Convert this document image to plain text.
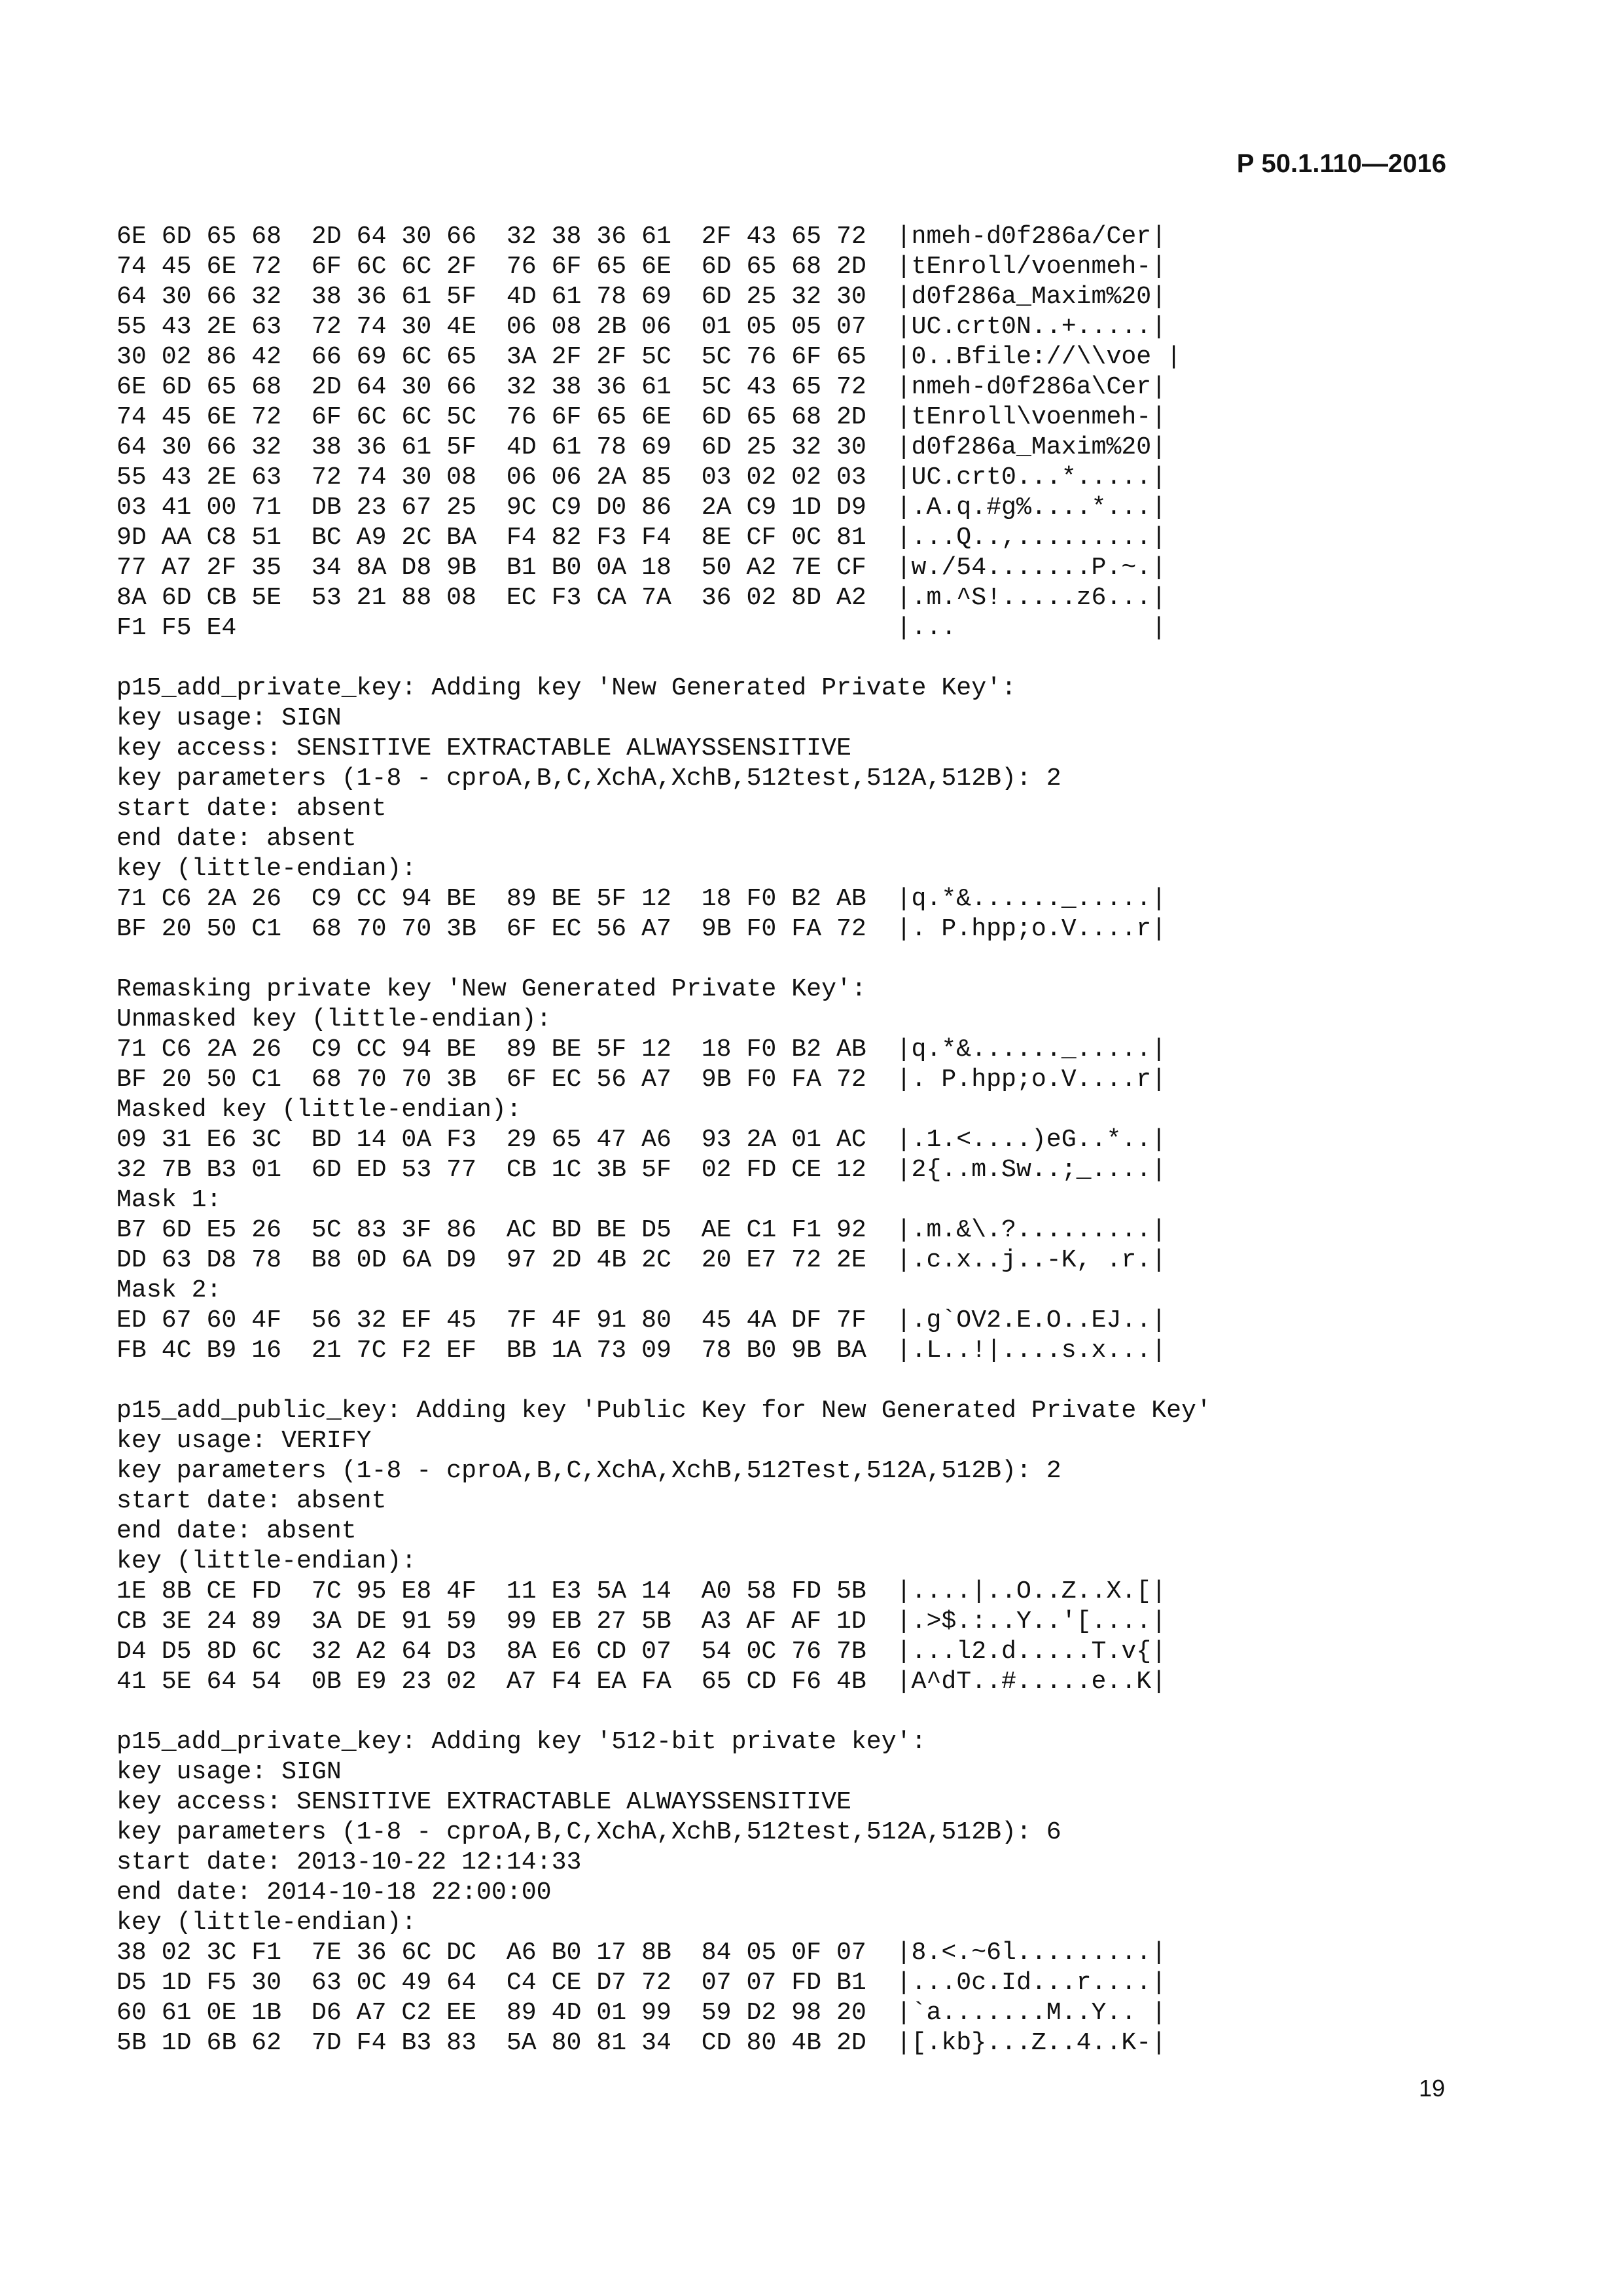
Р 50.1.110—2016
6E 6D 65 68  2D 64 30 66  32 38 36 61  2F 43 65 72  |nmeh-d0f286a/Cer|
74 45 6E 72  6F 6C 6C 2F  76 6F 65 6E  6D 65 68 2D  |tEnroll/voenmeh-|
64 30 66 32  38 36 61 5F  4D 61 78 69  6D 25 32 30  |d0f286a_Maxim%20|
55 43 2E 63  72 74 30 4E  06 08 2B 06  01 05 05 07  |UC.crt0N..+.....|
30 02 86 42  66 69 6C 65  3A 2F 2F 5C  5C 76 6F 65  |0..Bfile://\\voe |
6E 6D 65 68  2D 64 30 66  32 38 36 61  5C 43 65 72  |nmeh-d0f286a\Cer|
74 45 6E 72  6F 6C 6C 5C  76 6F 65 6E  6D 65 68 2D  |tEnroll\voenmeh-|
64 30 66 32  38 36 61 5F  4D 61 78 69  6D 25 32 30  |d0f286a_Maxim%20|
55 43 2E 63  72 74 30 08  06 06 2A 85  03 02 02 03  |UC.crt0...*.....|
03 41 00 71  DB 23 67 25  9C C9 D0 86  2A C9 1D D9  |.A.q.#g%....*...|
9D AA C8 51  BC A9 2C BA  F4 82 F3 F4  8E CF 0C 81  |...Q..,.........|
77 A7 2F 35  34 8A D8 9B  B1 B0 0A 18  50 A2 7E CF  |w./54.......P.~.|
8A 6D CB 5E  53 21 88 08  EC F3 CA 7A  36 02 8D A2  |.m.^S!.....z6...|
F1 F5 E4                                            |...             |
p15_add_private_key: Adding key 'New Generated Private Key':
key usage: SIGN
key access: SENSITIVE EXTRACTABLE ALWAYSSENSITIVE
key parameters (1-8 - cproA,B,C,XchA,XchB,512test,512A,512B): 2
start date: absent
end date: absent
key (little-endian):
71 C6 2A 26  C9 CC 94 BE  89 BE 5F 12  18 F0 B2 AB  |q.*&......_.....|
BF 20 50 C1  68 70 70 3B  6F EC 56 A7  9B F0 FA 72  |. P.hpp;o.V....r|
Remasking private key 'New Generated Private Key':
Unmasked key (little-endian):
71 C6 2A 26  C9 CC 94 BE  89 BE 5F 12  18 F0 B2 AB  |q.*&......_.....|
BF 20 50 C1  68 70 70 3B  6F EC 56 A7  9B F0 FA 72  |. P.hpp;o.V....r|
Masked key (little-endian):
09 31 E6 3C  BD 14 0A F3  29 65 47 A6  93 2A 01 AC  |.1.<....)eG..*..|
32 7B B3 01  6D ED 53 77  CB 1C 3B 5F  02 FD CE 12  |2{..m.Sw..;_....|
Mask 1:
B7 6D E5 26  5C 83 3F 86  AC BD BE D5  AE C1 F1 92  |.m.&\.?.........|
DD 63 D8 78  B8 0D 6A D9  97 2D 4B 2C  20 E7 72 2E  |.c.x..j..-K, .r.|
Mask 2:
ED 67 60 4F  56 32 EF 45  7F 4F 91 80  45 4A DF 7F  |.g`OV2.E.O..EJ..|
FB 4C B9 16  21 7C F2 EF  BB 1A 73 09  78 B0 9B BA  |.L..!|....s.x...|
p15_add_public_key: Adding key 'Public Key for New Generated Private Key'
key usage: VERIFY
key parameters (1-8 - cproA,B,C,XchA,XchB,512Test,512A,512B): 2
start date: absent
end date: absent
key (little-endian):
1E 8B CE FD  7C 95 E8 4F  11 E3 5A 14  A0 58 FD 5B  |....|..O..Z..X.[|
CB 3E 24 89  3A DE 91 59  99 EB 27 5B  A3 AF AF 1D  |.>$.:..Y..'[....|
D4 D5 8D 6C  32 A2 64 D3  8A E6 CD 07  54 0C 76 7B  |...l2.d.....T.v{|
41 5E 64 54  0B E9 23 02  A7 F4 EA FA  65 CD F6 4B  |A^dT..#.....e..K|
p15_add_private_key: Adding key '512-bit private key':
key usage: SIGN
key access: SENSITIVE EXTRACTABLE ALWAYSSENSITIVE
key parameters (1-8 - cproA,B,C,XchA,XchB,512test,512A,512B): 6
start date: 2013-10-22 12:14:33
end date: 2014-10-18 22:00:00
key (little-endian):
38 02 3C F1  7E 36 6C DC  A6 B0 17 8B  84 05 0F 07  |8.<.~6l.........|
D5 1D F5 30  63 0C 49 64  C4 CE D7 72  07 07 FD B1  |...0c.Id...r....|
60 61 0E 1B  D6 A7 C2 EE  89 4D 01 99  59 D2 98 20  |`a.......M..Y.. |
5B 1D 6B 62  7D F4 B3 83  5A 80 81 34  CD 80 4B 2D  |[.kb}...Z..4..K-|
19
